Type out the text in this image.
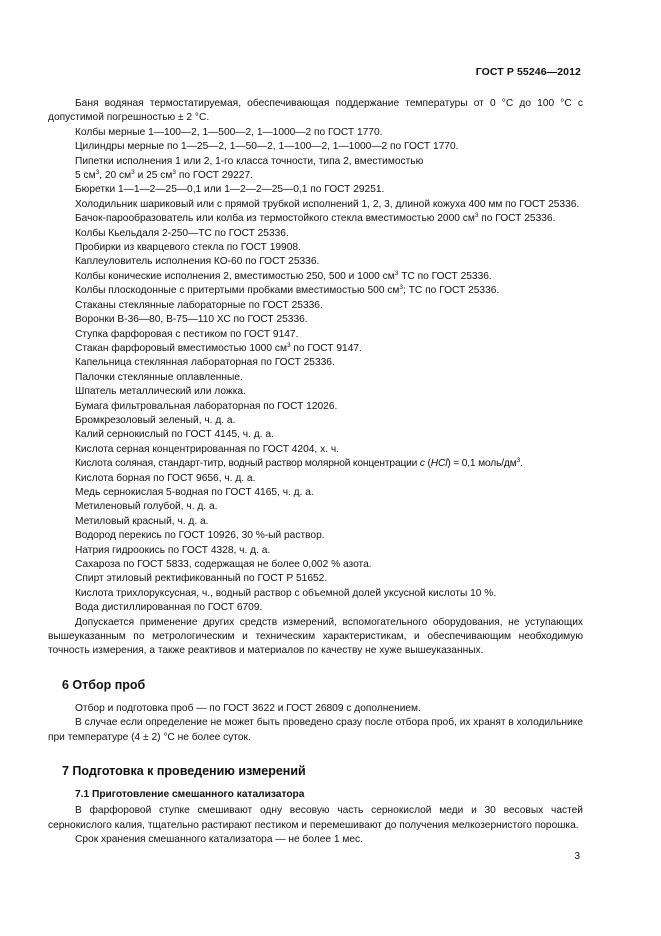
ГОСТ Р 55246—2012

Баня водяная термостатируемая, обеспечивающая поддержание температуры от 0 °С до 100 °С с допустимой погрешностью ± 2 °С.

Колбы мерные 1—100—2, 1—500—2, 1—1000—2 по ГОСТ 1770.

Цилиндры мерные по 1—25—2, 1—50—2, 1—100—2, 1—1000—2 по ГОСТ 1770.

Пипетки исполнения 1 или 2, 1-го класса точности, типа 2, вместимостью

5 $см^3$, 20 $см^3$ и 25 $см^3$ по ГОСТ 29227.

Бюретки 1—1—2—25—0,1 или 1—2—2—25—0,1 по ГОСТ 29251.

Холодильник шариковый или с прямой трубкой исполнений 1, 2, 3, длиной кожуха 400 мм по ГОСТ 25336.

Бачок-парообразователь или колба из термостойкого стекла вместимостью 2000 $см^3$ по ГОСТ 25336.

Колбы Кьельдаля 2-250—ТС по ГОСТ 25336.

Пробирки из кварцевого стекла по ГОСТ 19908.

Каплеуловитель исполнения КО-60 по ГОСТ 25336.

Колбы конические исполнения 2, вместимостью 250, 500 и 1000 $см^3$ ТС по ГОСТ 25336.

Колбы плоскодонные с притертыми пробками вместимостью 500 $см^3$; ТС по ГОСТ 25336.

Стаканы стеклянные лабораторные по ГОСТ 25336.

Воронки В-36—80, В-75—110 ХС по ГОСТ 25336.

Ступка фарфоровая с пестиком по ГОСТ 9147.

Стакан фарфоровый вместимостью 1000 $см^3$ по ГОСТ 9147.

Капельница стеклянная лабораторная по ГОСТ 25336.

Палочки стеклянные оплавленные.

Шпатель металлический или ложка.

Бумага фильтровальная лабораторная по ГОСТ 12026.

Бромкрезоловый зеленый, ч. д. а.

Калий сернокислый по ГОСТ 4145, ч. д. а.

Кислота серная концентрированная по ГОСТ 4204, х. ч.

Кислота соляная, стандарт-титр, водный раствор молярной концентрации c (HCl) = 0,1 моль/$дм^3$.

Кислота борная по ГОСТ 9656, ч. д. а.

Медь сернокислая 5-водная по ГОСТ 4165, ч. д. а.

Метиленовый голубой, ч. д. а.

Метиловый красный, ч. д. а.

Водород перекись по ГОСТ 10926, 30 %-ый раствор.

Натрия гидроокись по ГОСТ 4328, ч. д. а.

Сахароза по ГОСТ 5833, содержащая не более 0,002 % азота.

Спирт этиловый ректификованный по ГОСТ Р 51652.

Кислота трихлоруксусная, ч., водный раствор с объемной долей уксусной кислоты 10 %.

Вода дистиллированная по ГОСТ 6709.

Допускается применение других средств измерений, вспомогательного оборудования, не уступающих вышеуказанным по метрологическим и техническим характеристикам, и обеспечивающим необходимую точность измерения, а также реактивов и материалов по качеству не хуже вышеуказанных.

6 Отбор проб

Отбор и подготовка проб — по ГОСТ 3622 и ГОСТ 26809 с дополнением.

В случае если определение не может быть проведено сразу после отбора проб, их хранят в холодильнике при температуре (4 ± 2) °С не более суток.

7 Подготовка к проведению измерений
7.1 Приготовление смешанного катализатора

В фарфоровой ступке смешивают одну весовую часть сернокислой меди и 30 весовых частей сернокислого калия, тщательно растирают пестиком и перемешивают до получения мелкозернистого порошка.

Срок хранения смешанного катализатора — не более 1 мес.

3
